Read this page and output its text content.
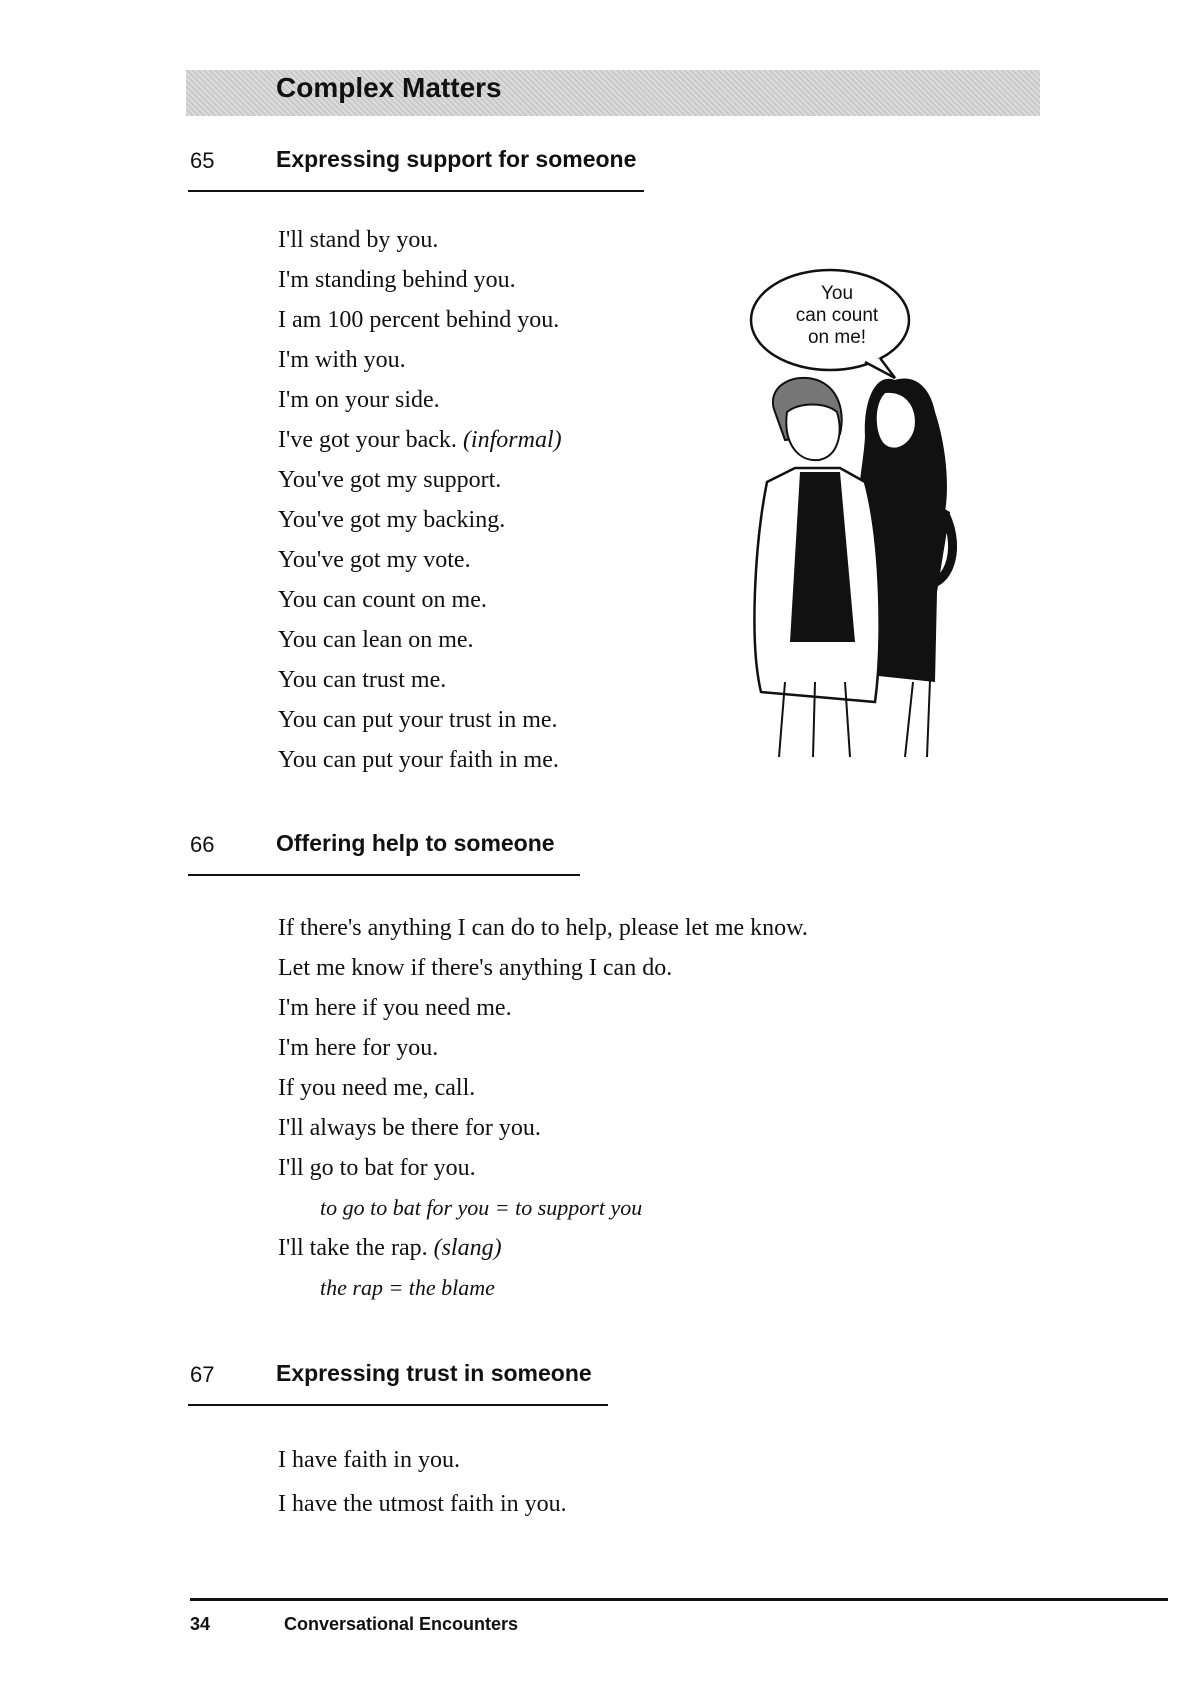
Complex Matters
65	Expressing support for someone
I'll stand by you.
I'm standing behind you.
I am 100 percent behind you.
I'm with you.
I'm on your side.
I've got your back. (informal)
You've got my support.
You've got my backing.
You've got my vote.
You can count on me.
You can lean on me.
You can trust me.
You can put your trust in me.
You can put your faith in me.
You
can count
on me!
66	Offering help to someone
If there's anything I can do to help, please let me know.
Let me know if there's anything I can do.
I'm here if you need me.
I'm here for you.
If you need me, call.
I'll always be there for you.
I'll go to bat for you.
to go to bat for you = to support you
I'll take the rap. (slang)
the rap = the blame
67	Expressing trust in someone
I have faith in you.
I have the utmost faith in you.
34	Conversational Encounters
